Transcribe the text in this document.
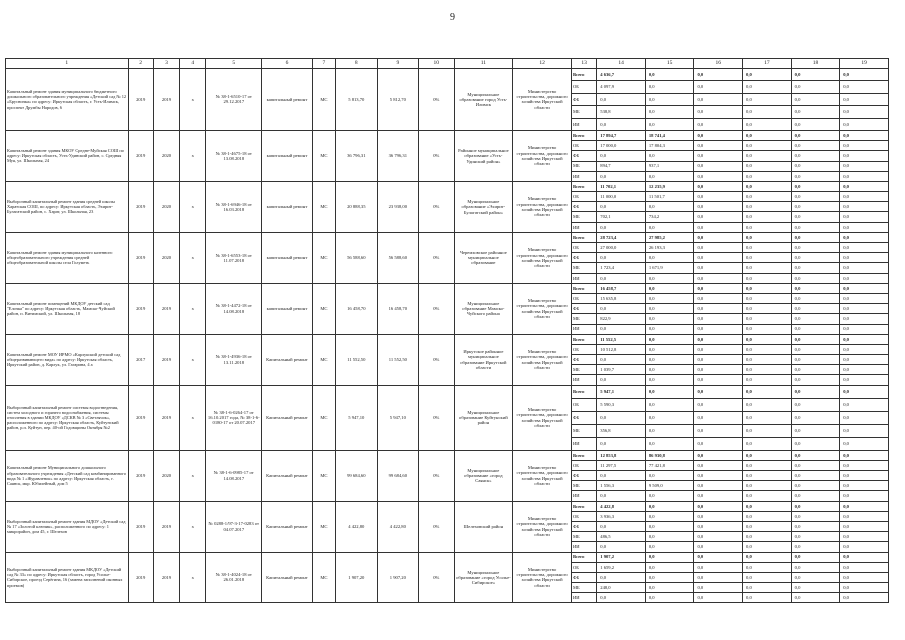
9
1	2	3	4	5	6	7	8	9	10	11	12	13	14	15	16	17	18	19
Капитальный ремонт здания муниципального бюджетного дошкольного образовательного учреждения «Детский сад № 12 «Брусничка» по адресу: Иркутская область, г. Усть-Илимск, проспект Дружбы Народов, 6	2019	2019	x	№ 38-1-6510-17 от 29.12.2017	капитальный ремонт	МС	5 813,70	5 812,70	0%	Муниципальное образование город Усть-Илимск	Министерство строительства, дорожного хозяйства Иркутской области	Всего	4 636,7	0,0	0,0	0,0	0,0	0,0
												ОБ	4 097,9	0,0	0,0	0,0	0,0	0,0
												ФБ	0,0	0,0	0,0	0,0	0,0	0,0
												МБ	538,8	0,0	0,0	0,0	0,0	0,0
												ИИ	0,0	0,0	0,0	0,0	0,0	0,0
Капитальный ремонт здания МКОУ Средне-Муйская СОШ по адресу: Иркутская область, Усть-Удинский район, с. Средняя Муя, ул. Школьная, 24	2019	2020	x	№ 38-1-4675-18 от 13.08.2018	капитальный ремонт	МС	36 796,31	36 796,31	0%	Районное муниципальное образование «Усть-Удинский район»	Министерство строительства, дорожного хозяйства Иркутской области	Всего	17 894,7	18 741,4	0,0	0,0	0,0	0,0
												ОБ	17 000,0	17 804,3	0,0	0,0	0,0	0,0
												ФБ	0,0	0,0	0,0	0,0	0,0	0,0
												МБ	894,7	937,1	0,0	0,0	0,0	0,0
												ИИ	0,0	0,0	0,0	0,0	0,0	0,0
Выборочный капитальный ремонт здания средней школы Харатская СОШ, по адресу: Иркутская область, Эхирит-Булагатский район, с. Харат, ул. Школьная, 23	2019	2020	x	№ 38-1-6946-18 от 16.03.2018	капитальный ремонт	МС	20 888,35	23 938,00	0%	Муниципальное образование «Эхирит-Булагатский район»	Министерство строительства, дорожного хозяйства Иркутской области	Всего	11 702,1	12 235,9	0,0	0,0	0,0	0,0
												ОБ	11 000,0	11 501,7	0,0	0,0	0,0	0,0
												ФБ	0,0	0,0	0,0	0,0	0,0	0,0
												МБ	702,1	734,2	0,0	0,0	0,0	0,0
												ИИ	0,0	0,0	0,0	0,0	0,0	0,0
Капитальный ремонт здания муниципального казенного общеобразовательного учреждения средней общеобразовательной школы села Голуметь	2019	2020	x	№ 38-1-6553-18 от 11.07.2018	капитальный ремонт	МС	56 588,60	56 588,60	0%	Черемховское районное муниципальное образование	Министерство строительства, дорожного хозяйства Иркутской области	Всего	28 723,4	27 985,2	0,0	0,0	0,0	0,0
												ОБ	27 000,0	26 193,3	0,0	0,0	0,0	0,0
												ФБ	0,0	0,0	0,0	0,0	0,0	0,0
												МБ	1 723,4	1 671,9	0,0	0,0	0,0	0,0
												ИИ	0,0	0,0	0,0	0,0	0,0	0,0
Капитальный ремонт помещений МКДОУ детский сад "Елочка" по адресу: Иркутская область, Мамско-Чуйский район, п. Витимский, ул. Школьная, 18	2019	2019	x	№ 38-1-4472-18 от 14.08.2018	капитальный ремонт	МС	16 458,70	16 458,70	0%	Муниципальное образование Мамско-Чуйского района	Министерство строительства, дорожного хозяйства Иркутской области	Всего	16 458,7	0,0	0,0	0,0	0,0	0,0
												ОБ	15 635,8	0,0	0,0	0,0	0,0	0,0
												ФБ	0,0	0,0	0,0	0,0	0,0	0,0
												МБ	822,9	0,0	0,0	0,0	0,0	0,0
												ИИ	0,0	0,0	0,0	0,0	0,0	0,0
Капитальный ремонт МОУ ИРМО «Карлукский детский сад общеразвивающего вида» по адресу: Иркутская область, Иркутский район, д. Карлук, ул. Гагарина, 4 а	2017	2019	x	№ 38-1-4936-18 от 13.11.2018	Капитальный ремонт	МС	11 552,50	11 552,50	0%	Иркутское районное муниципальное образование Иркутской области	Министерство строительства, дорожного хозяйства Иркутской области	Всего	11 552,5	0,0	0,0	0,0	0,0	0,0
												ОБ	10 512,8	0,0	0,0	0,0	0,0	0,0
												ФБ	0,0	0,0	0,0	0,0	0,0	0,0
												МБ	1 039,7	0,0	0,0	0,0	0,0	0,0
												ИИ	0,0	0,0	0,0	0,0	0,0	0,0
Выборочный капитальный ремонт системы водоотведения, систем холодного и горячего водоснабжения, системы отопления в здании МКДОУ «ДСКВ № 3 «Светлячок», расположенного по адресу: Иркутская область, Куйтунский район, р.п. Куйтун, пер. 40-ой Годовщины Октября №2	2019	2019	x	№ 38-1-6-0264-17 от 16.10.2017 года, № 38-1-6-0180-17 от 20.07.2017	Капитальный ремонт	МС	5 947,10	5 947,10	0%	Муниципальное образование Куйтунский район	Министерство строительства, дорожного хозяйства Иркутской области	Всего	5 947,1	0,0	0,0	0,0	0,0	0,0
												ОБ	5 590,3	0,0	0,0	0,0	0,0	0,0
												ФБ	0,0	0,0	0,0	0,0	0,0	0,0
												МБ	356,8	0,0	0,0	0,0	0,0	0,0
												ИИ	0,0	0,0	0,0	0,0	0,0	0,0
Капитальный ремонт Муниципального дошкольного образовательного учреждения «Детский сад комбинированного вида № 1 «Журавленок» по адресу: Иркутская область, г. Саянск, мкр. Юбилейный, дом 5	2019	2020	x	№ 38-1-6-0985-17 от 14.08.2017	Капитальный ремонт	МС	99 684,60	99 684,60	0%	Муниципальное образование «город Саянск»	Министерство строительства, дорожного хозяйства Иркутской области	Всего	12 853,8	86 930,8	0,0	0,0	0,0	0,0
												ОБ	11 297,5	77 421,8	0,0	0,0	0,0	0,0
												ФБ	0,0	0,0	0,0	0,0	0,0	0,0
												МБ	1 556,3	9 509,0	0,0	0,0	0,0	0,0
												ИИ	0,0	0,0	0,0	0,0	0,0	0,0
Выборочный капитальный ремонт здания МДОУ «Детский сад № 17 «Золотой ключик», расположенного по адресу: 1 микрорайон, дом 45, г. Шелехов	2019	2019	x	№ 0288-1/97-3-17-0283 от 04.07.2017	Капитальный ремонт	МС	4 422,80	4 422,80	0%	Шелеховский район	Министерство строительства, дорожного хозяйства Иркутской области	Всего	4 422,8	0,0	0,0	0,0	0,0	0,0
												ОБ	3 936,3	0,0	0,0	0,0	0,0	0,0
												ФБ	0,0	0,0	0,0	0,0	0,0	0,0
												МБ	486,5	0,0	0,0	0,0	0,0	0,0
												ИИ	0,0	0,0	0,0	0,0	0,0	0,0
Выборочный капитальный ремонт здания МКДОУ «Детский сад № 33» по адресу: Иркутская область, город Усолье-Сибирское, проезд Серёгина, 16 (замена заполнений оконных проемов)	2019	2019	x	№ 38-1-4024-18 от 26.01.2018	Капитальный ремонт	МС	1 907,20	1 907,20	0%	Муниципальное образование «город Усолье-Сибирское»	Министерство строительства, дорожного хозяйства Иркутской области	Всего	1 907,2	0,0	0,0	0,0	0,0	0,0
												ОБ	1 659,2	0,0	0,0	0,0	0,0	0,0
												ФБ	0,0	0,0	0,0	0,0	0,0	0,0
												МБ	248,0	0,0	0,0	0,0	0,0	0,0
												ИИ	0,0	0,0	0,0	0,0	0,0	0,0
